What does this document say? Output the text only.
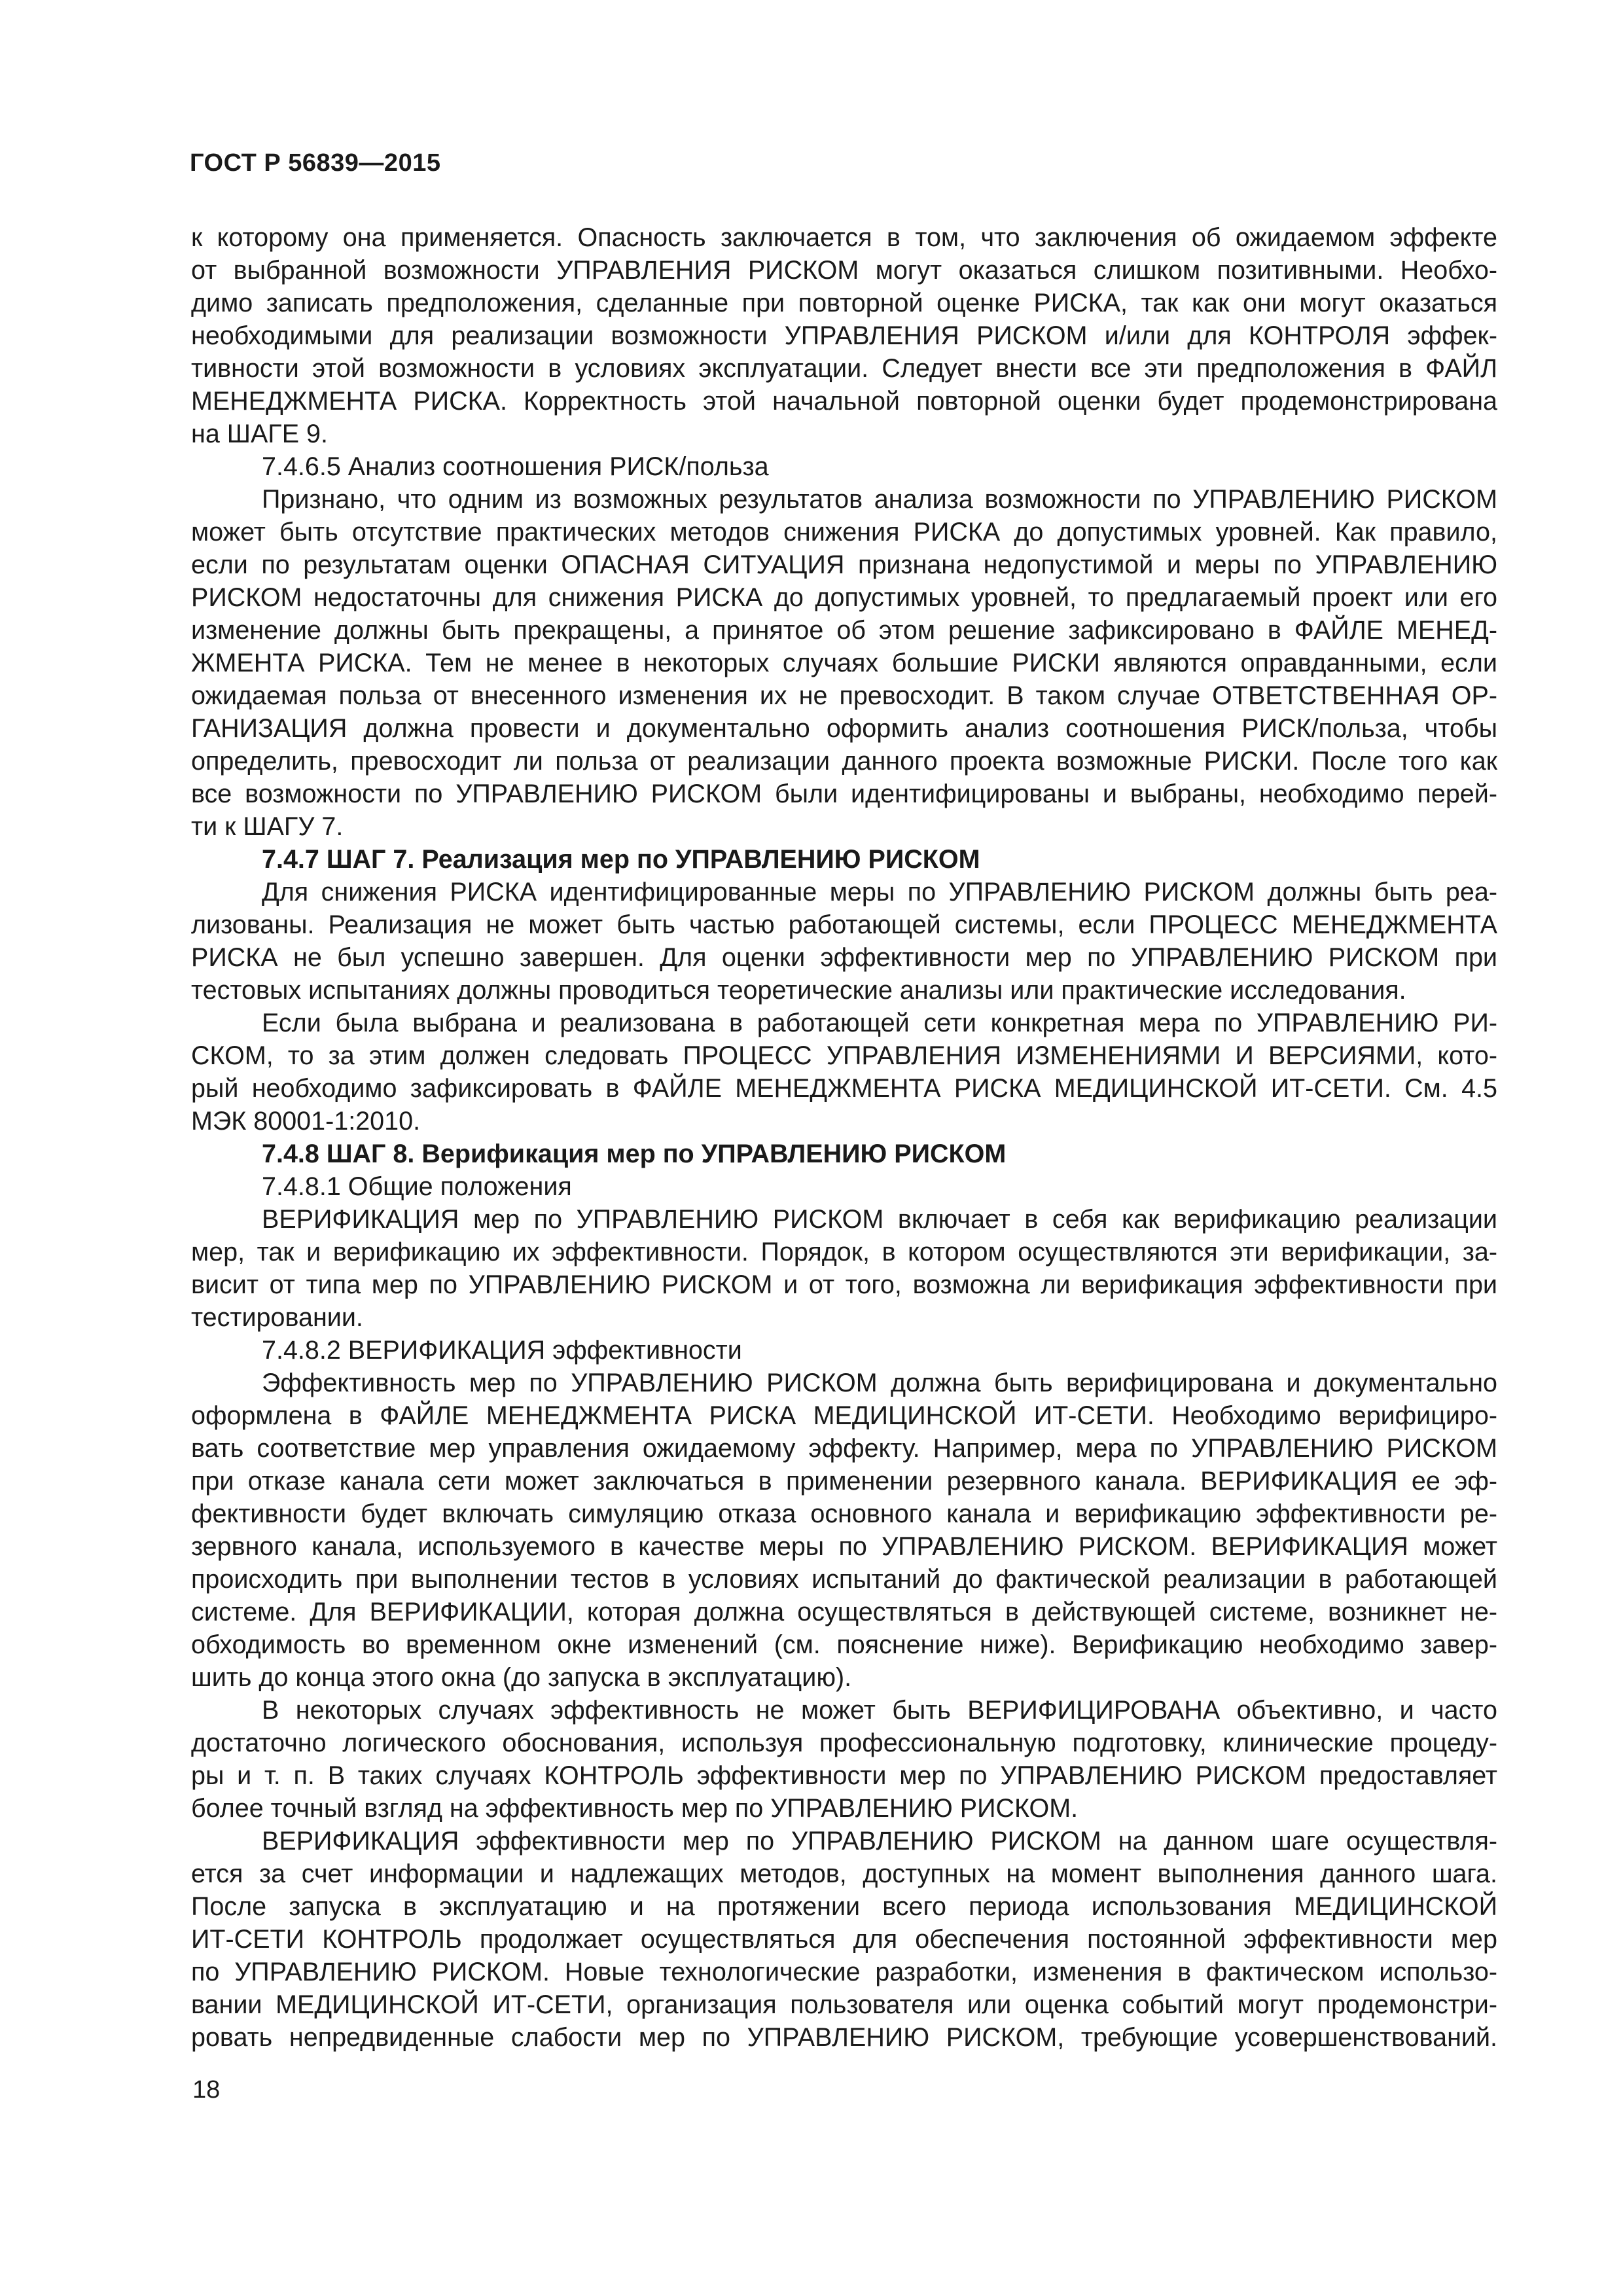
ГОСТ Р 56839—2015
к которому она применяется. Опасность заключается в том, что заключения об ожидаемом эффекте
от выбранной возможности УПРАВЛЕНИЯ РИСКОМ могут оказаться слишком позитивными. Необхо-
димо записать предположения, сделанные при повторной оценке РИСКА, так как они могут оказаться
необходимыми для реализации возможности УПРАВЛЕНИЯ РИСКОМ и/или для КОНТРОЛЯ эффек-
тивности этой возможности в условиях эксплуатации. Следует внести все эти предположения в ФАЙЛ
МЕНЕДЖМЕНТА РИСКА. Корректность этой начальной повторной оценки будет продемонстрирована
на ШАГЕ 9.
7.4.6.5 Анализ соотношения РИСК/польза
Признано, что одним из возможных результатов анализа возможности по УПРАВЛЕНИЮ РИСКОМ
может быть отсутствие практических методов снижения РИСКА до допустимых уровней. Как правило,
если по результатам оценки ОПАСНАЯ СИТУАЦИЯ признана недопустимой и меры по УПРАВЛЕНИЮ
РИСКОМ недостаточны для снижения РИСКА до допустимых уровней, то предлагаемый проект или его
изменение должны быть прекращены, а принятое об этом решение зафиксировано в ФАЙЛЕ МЕНЕД-
ЖМЕНТА РИСКА. Тем не менее в некоторых случаях большие РИСКИ являются оправданными, если
ожидаемая польза от внесенного изменения их не превосходит. В таком случае ОТВЕТСТВЕННАЯ ОР-
ГАНИЗАЦИЯ должна провести и документально оформить анализ соотношения РИСК/польза, чтобы
определить, превосходит ли польза от реализации данного проекта возможные РИСКИ. После того как
все возможности по УПРАВЛЕНИЮ РИСКОМ были идентифицированы и выбраны, необходимо перей-
ти к ШАГУ 7.
7.4.7 ШАГ 7. Реализация мер по УПРАВЛЕНИЮ РИСКОМ
Для снижения РИСКА идентифицированные меры по УПРАВЛЕНИЮ РИСКОМ должны быть реа-
лизованы. Реализация не может быть частью работающей системы, если ПРОЦЕСС МЕНЕДЖМЕНТА
РИСКА не был успешно завершен. Для оценки эффективности мер по УПРАВЛЕНИЮ РИСКОМ при
тестовых испытаниях должны проводиться теоретические анализы или практические исследования.
Если была выбрана и реализована в работающей сети конкретная мера по УПРАВЛЕНИЮ РИ-
СКОМ, то за этим должен следовать ПРОЦЕСС УПРАВЛЕНИЯ ИЗМЕНЕНИЯМИ И ВЕРСИЯМИ, кото-
рый необходимо зафиксировать в ФАЙЛЕ МЕНЕДЖМЕНТА РИСКА МЕДИЦИНСКОЙ ИТ-СЕТИ. См. 4.5
МЭК 80001-1:2010.
7.4.8 ШАГ 8. Верификация мер по УПРАВЛЕНИЮ РИСКОМ
7.4.8.1 Общие положения
ВЕРИФИКАЦИЯ мер по УПРАВЛЕНИЮ РИСКОМ включает в себя как верификацию реализации
мер, так и верификацию их эффективности. Порядок, в котором осуществляются эти верификации, за-
висит от типа мер по УПРАВЛЕНИЮ РИСКОМ и от того, возможна ли верификация эффективности при
тестировании.
7.4.8.2 ВЕРИФИКАЦИЯ эффективности
Эффективность мер по УПРАВЛЕНИЮ РИСКОМ должна быть верифицирована и документально
оформлена в ФАЙЛЕ МЕНЕДЖМЕНТА РИСКА МЕДИЦИНСКОЙ ИТ-СЕТИ. Необходимо верифициро-
вать соответствие мер управления ожидаемому эффекту. Например, мера по УПРАВЛЕНИЮ РИСКОМ
при отказе канала сети может заключаться в применении резервного канала. ВЕРИФИКАЦИЯ ее эф-
фективности будет включать симуляцию отказа основного канала и верификацию эффективности ре-
зервного канала, используемого в качестве меры по УПРАВЛЕНИЮ РИСКОМ. ВЕРИФИКАЦИЯ может
происходить при выполнении тестов в условиях испытаний до фактической реализации в работающей
системе. Для ВЕРИФИКАЦИИ, которая должна осуществляться в действующей системе, возникнет не-
обходимость во временном окне изменений (см. пояснение ниже). Верификацию необходимо завер-
шить до конца этого окна (до запуска в эксплуатацию).
В некоторых случаях эффективность не может быть ВЕРИФИЦИРОВАНА объективно, и часто
достаточно логического обоснования, используя профессиональную подготовку, клинические процеду-
ры и т. п. В таких случаях КОНТРОЛЬ эффективности мер по УПРАВЛЕНИЮ РИСКОМ предоставляет
более точный взгляд на эффективность мер по УПРАВЛЕНИЮ РИСКОМ.
ВЕРИФИКАЦИЯ эффективности мер по УПРАВЛЕНИЮ РИСКОМ на данном шаге осуществля-
ется за счет информации и надлежащих методов, доступных на момент выполнения данного шага.
После запуска в эксплуатацию и на протяжении всего периода использования МЕДИЦИНСКОЙ
ИТ-СЕТИ КОНТРОЛЬ продолжает осуществляться для обеспечения постоянной эффективности мер
по УПРАВЛЕНИЮ РИСКОМ. Новые технологические разработки, изменения в фактическом использо-
вании МЕДИЦИНСКОЙ ИТ-СЕТИ, организация пользователя или оценка событий могут продемонстри-
ровать непредвиденные слабости мер по УПРАВЛЕНИЮ РИСКОМ, требующие усовершенствований.
18
